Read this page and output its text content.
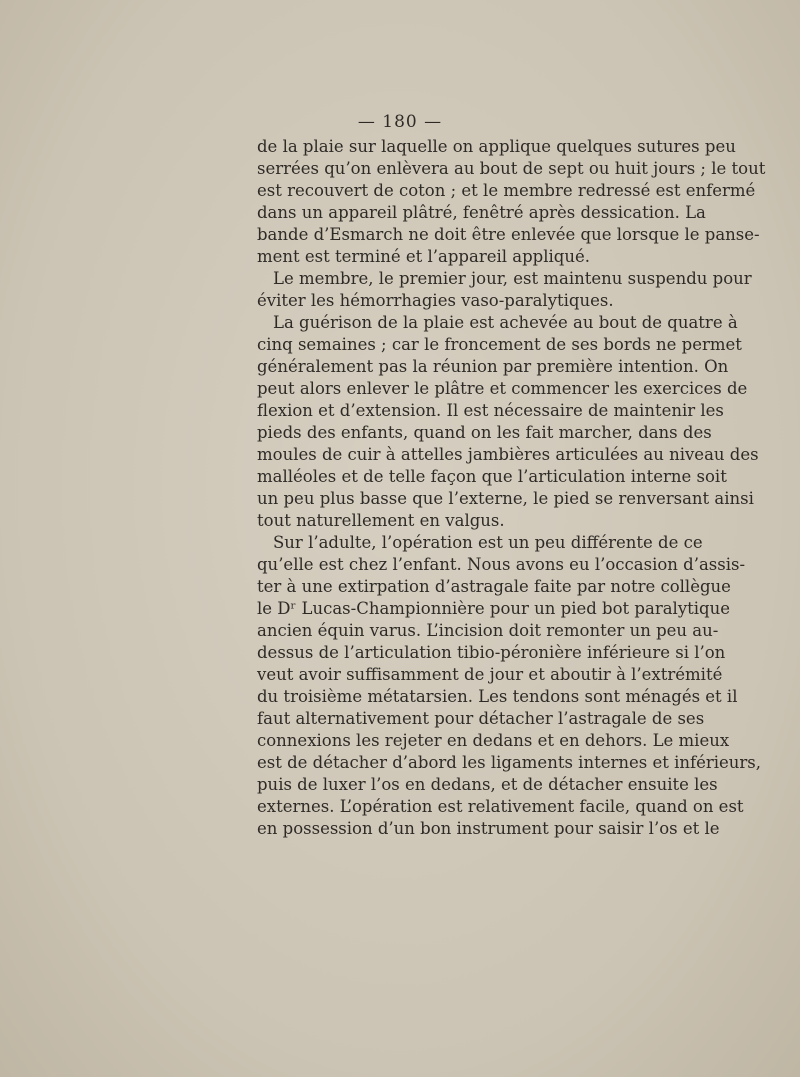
— 180 —
de la plaie sur laquelle on applique quelques sutures peu
serrées qu’on enlèvera au bout de sept ou huit jours ; le tout
est recouvert de coton ; et le membre redressé est enfermé
dans un appareil plâtré, fenêtré après dessication. La
bande d’Esmarch ne doit être enlevée que lorsque le panse-
ment est terminé et l’appareil appliqué.
Le membre, le premier jour, est maintenu suspendu pour
éviter les hémorrhagies vaso-paralytiques.
La guérison de la plaie est achevée au bout de quatre à
cinq semaines ; car le froncement de ses bords ne permet
généralement pas la réunion par première intention. On
peut alors enlever le plâtre et commencer les exercices de
flexion et d’extension. Il est nécessaire de maintenir les
pieds des enfants, quand on les fait marcher, dans des
moules de cuir à attelles jambières articulées au niveau des
malléoles et de telle façon que l’articulation interne soit
un peu plus basse que l’externe, le pied se renversant ainsi
tout naturellement en valgus.
Sur l’adulte, l’opération est un peu différente de ce
qu’elle est chez l’enfant. Nous avons eu l’occasion d’assis-
ter à une extirpation d’astragale faite par notre collègue
le Dʳ Lucas-Championnière pour un pied bot paralytique
ancien équin varus. L’incision doit remonter un peu au-
dessus de l’articulation tibio-péronière inférieure si l’on
veut avoir suffisamment de jour et aboutir à l’extrémité
du troisième métatarsien. Les tendons sont ménagés et il
faut alternativement pour détacher l’astragale de ses
connexions les rejeter en dedans et en dehors. Le mieux
est de détacher d’abord les ligaments internes et inférieurs,
puis de luxer l’os en dedans, et de détacher ensuite les
externes. L’opération est relativement facile, quand on est
en possession d’un bon instrument pour saisir l’os et le
